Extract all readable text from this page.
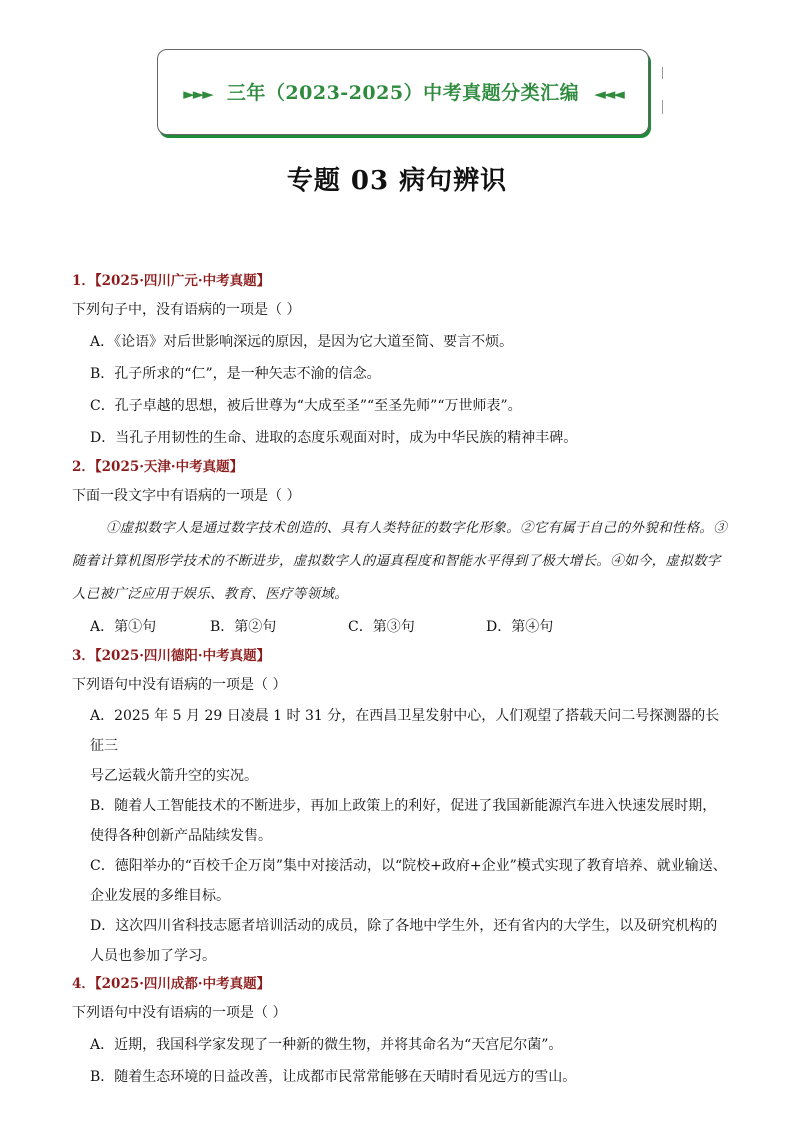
►►► 三年（2023-2025）中考真题分类汇编 ◄◄◄
专题 03 病句辨识
1．【2025·四川广元·中考真题】
下列句子中，没有语病的一项是（ ）
A．《论语》对后世影响深远的原因，是因为它大道至简、要言不烦。
B．孔子所求的“仁”，是一种矢志不渝的信念。
C．孔子卓越的思想，被后世尊为“大成至圣”“至圣先师”“万世师表”。
D．当孔子用韧性的生命、进取的态度乐观面对时，成为中华民族的精神丰碑。
2．【2025·天津·中考真题】
下面一段文字中有语病的一项是（ ）
①虚拟数字人是通过数字技术创造的、具有人类特征的数字化形象。②它有属于自己的外貌和性格。③随着计算机图形学技术的不断进步，虚拟数字人的逼真程度和智能水平得到了极大增长。④如今，虚拟数字人已被广泛应用于娱乐、教育、医疗等领域。
A．第①句	B．第②句	C．第③句	D．第④句
3．【2025·四川德阳·中考真题】
下列语句中没有语病的一项是（ ）
A．2025 年 5 月 29 日凌晨 1 时 31 分，在西昌卫星发射中心，人们观望了搭载天问二号探测器的长征三
号乙运载火箭升空的实况。
B．随着人工智能技术的不断进步，再加上政策上的利好，促进了我国新能源汽车进入快速发展时期，
使得各种创新产品陆续发售。
C．德阳举办的“百校千企万岗”集中对接活动，以“院校+政府+企业”模式实现了教育培养、就业输送、
企业发展的多维目标。
D．这次四川省科技志愿者培训活动的成员，除了各地中学生外，还有省内的大学生，以及研究机构的
人员也参加了学习。
4．【2025·四川成都·中考真题】
下列语句中没有语病的一项是（ ）
A．近期，我国科学家发现了一种新的微生物，并将其命名为“天宫尼尔菌”。
B．随着生态环境的日益改善，让成都市民常常能够在天晴时看见远方的雪山。
